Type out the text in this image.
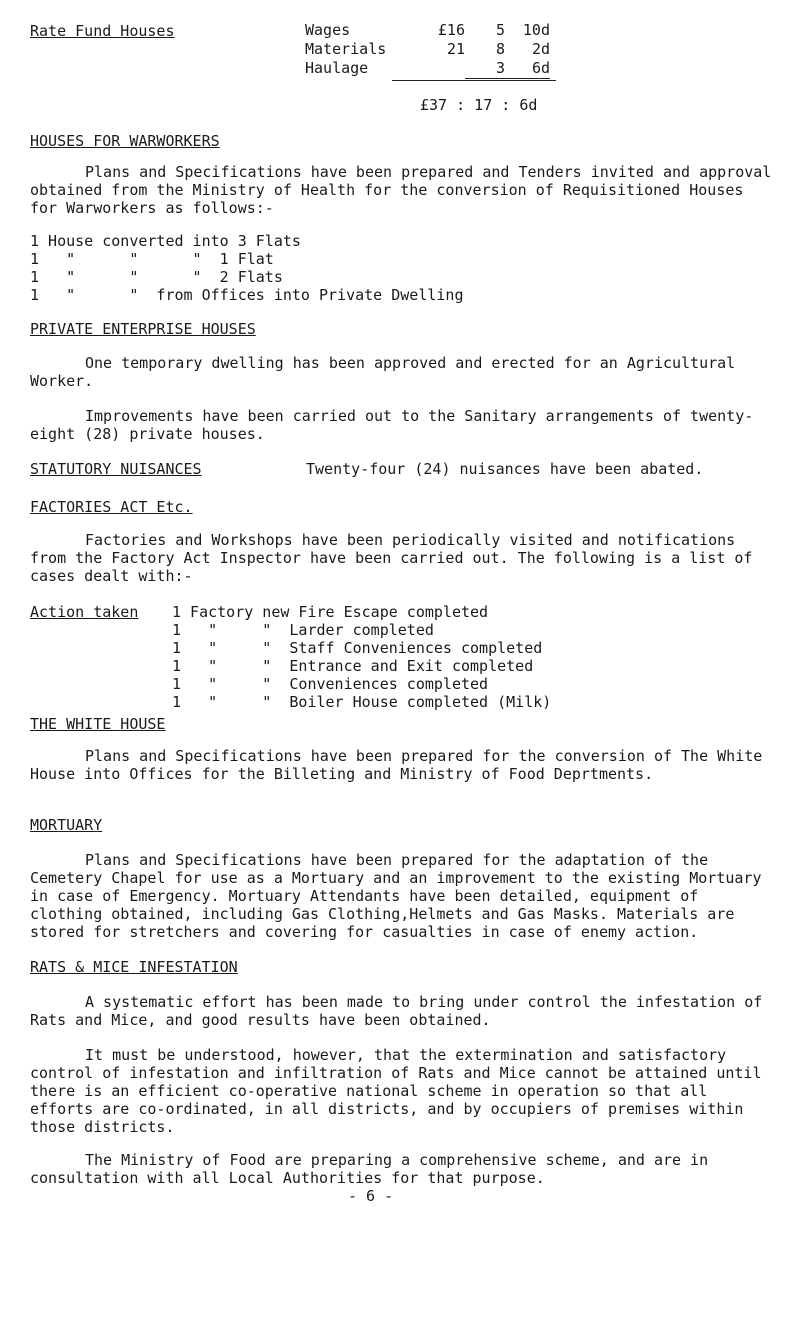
Rate Fund Houses	Wages	£16	5	10d
Materials	21	8	2d
Haulage		3	6d
£37 : 17 : 6d
HOUSES FOR WARWORKERS
Plans and Specifications have been prepared and Tenders invited and approval obtained from the Ministry of Health for the conversion of Requisitioned Houses for Warworkers as follows:-
1 House converted into 3 Flats
1   "      "      "  1 Flat
1   "      "      "  2 Flats
1   "      "  from Offices into Private Dwelling
PRIVATE ENTERPRISE HOUSES
One temporary dwelling has been approved and erected for an Agricultural Worker.
Improvements have been carried out to the Sanitary arrangements of twenty-eight (28) private houses.
STATUTORY NUISANCES	Twenty-four (24) nuisances have been abated.
FACTORIES ACT Etc.
Factories and Workshops have been periodically visited and notifications from the Factory Act Inspector have been carried out. The following is a list of cases dealt with:-
Action taken 1 Factory new Fire Escape completed
1   "     "  Larder completed
1   "     "  Staff Conveniences completed
1   "     "  Entrance and Exit completed
1   "     "  Conveniences completed
1   "     "  Boiler House completed (Milk)
THE WHITE HOUSE
Plans and Specifications have been prepared for the conversion of The White House into Offices for the Billeting and Ministry of Food Deprtments.
MORTUARY
Plans and Specifications have been prepared for the adaptation of the Cemetery Chapel for use as a Mortuary and an improvement to the existing Mortuary in case of Emergency. Mortuary Attendants have been detailed, equipment of clothing obtained, including Gas Clothing,Helmets and Gas Masks. Materials are stored for stretchers and covering for casualties in case of enemy action.
RATS & MICE INFESTATION
A systematic effort has been made to bring under control the infestation of Rats and Mice, and good results have been obtained.
It must be understood, however, that the extermination and satisfactory control of infestation and infiltration of Rats and Mice cannot be attained until there is an efficient co-operative national scheme in operation so that all efforts are co-ordinated, in all districts, and by occupiers of premises within those districts.
The Ministry of Food are preparing a comprehensive scheme, and are in consultation with all Local Authorities for that purpose.
- 6 -
